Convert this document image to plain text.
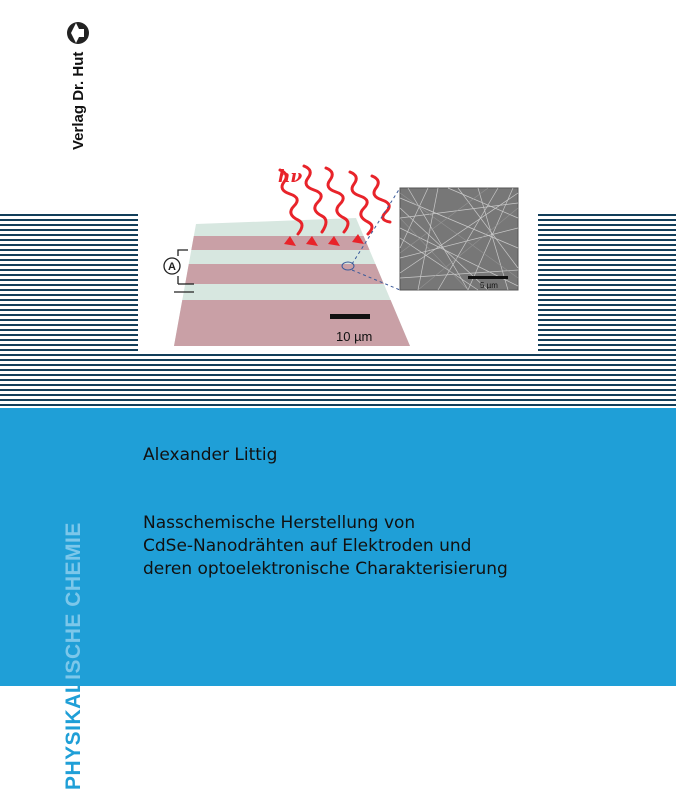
Verlag Dr. Hut
A
10 µm
hν
5 µm
Alexander Littig
Nasschemische Herstellung von
CdSe-Nanodrähten auf Elektroden und
deren optoelektronische Charakterisierung
PHYSIKALISCHE CHEMIE
